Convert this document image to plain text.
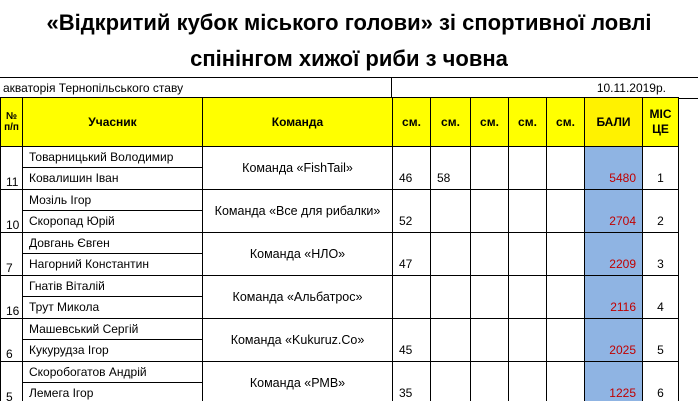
«Відкритий кубок міського голови» зі спортивної ловлі
спінінгом хижої риби з човна
акваторія Тернопільського ставу	10.11.2019р.
№ п/п	Учасник	Команда	см.	см.	см.	см.	см.	БАЛИ	МІС ЦЕ
11	Товарницький Володимир
Ковалишин Іван	Команда «FishTail»	46	58				5480	1
10	Мозіль Ігор
Скоропад Юрій	Команда «Все для рибалки»	52					2704	2
7	Довгань Євген
Нагорний Константин	Команда «НЛО»	47					2209	3
16	Гнатів Віталій
Трут Микола	Команда «Альбатрос»						2116	4
6	Машевський Сергій
Кукурудза Ігор	Команда «Kukuruz.Co»	45					2025	5
5	Скоробогатов Андрій
Лемега Ігор	Команда «РМВ»	35					1225	6
